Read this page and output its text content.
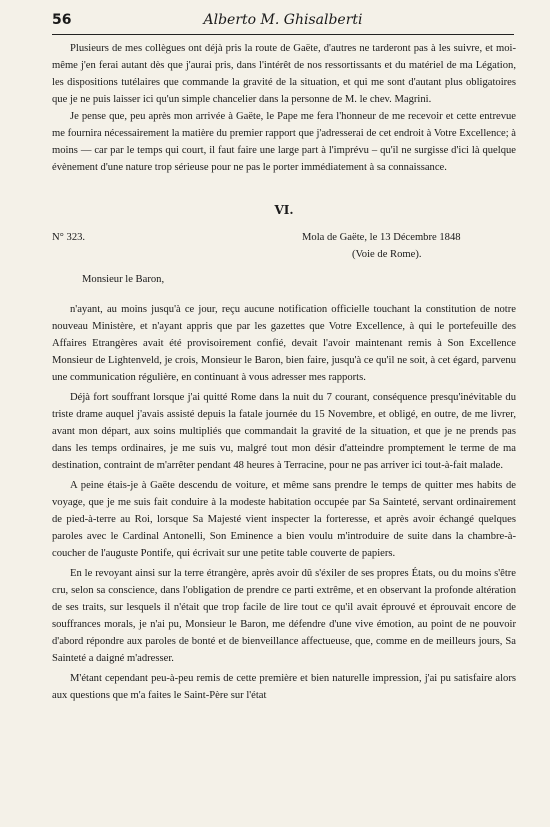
56	Alberto M. Ghisalberti

Plusieurs de mes collègues ont déjà pris la route de Gaëte, d'autres ne tarderont pas à les suivre, et moi-même j'en ferai autant dès que j'aurai pris, dans l'intérêt de nos ressortissants et du matériel de ma Légation, les dispositions tutélaires que commande la gravité de la situation, et qui me sont d'autant plus obligatoires que je ne puis laisser ici qu'un simple chancelier dans la personne de M. le chev. Magrini.

Je pense que, peu après mon arrivée à Gaëte, le Pape me fera l'honneur de me recevoir et cette entrevue me fournira nécessairement la matière du premier rapport que j'adresserai de cet endroit à Votre Excellence; à moins — car par le temps qui court, il faut faire une large part à l'imprévu – qu'il ne surgisse d'ici là quelque évènement d'une nature trop sérieuse pour ne pas le porter immédiatement à sa connaissance.

VI.

N° 323.	Mola de Gaëte, le 13 Décembre 1848
(Voie de Rome).

Monsieur le Baron,

n'ayant, au moins jusqu'à ce jour, reçu aucune notification officielle touchant la constitution de notre nouveau Ministère, et n'ayant appris que par les gazettes que Votre Excellence, à qui le portefeuille des Affaires Etrangères avait été provisoirement confié, devait l'avoir maintenant remis à Son Excellence Monsieur de Lightenveld, je crois, Monsieur le Baron, bien faire, jusqu'à ce qu'il ne soit, à cet égard, parvenu une communication régulière, en continuant à vous adresser mes rapports.

Déjà fort souffrant lorsque j'ai quitté Rome dans la nuit du 7 courant, conséquence presqu'inévitable du triste drame auquel j'avais assisté depuis la fatale journée du 15 Novembre, et obligé, en outre, de me livrer, avant mon départ, aux soins multipliés que commandait la gravité de la situation, et que je ne prends pas dans les temps ordinaires, je me suis vu, malgré tout mon désir d'atteindre promptement le terme de ma destination, contraint de m'arrêter pendant 48 heures à Terracine, pour ne pas arriver ici tout-à-fait malade.

A peine étais-je à Gaëte descendu de voiture, et même sans prendre le temps de quitter mes habits de voyage, que je me suis fait conduire à la modeste habitation occupée par Sa Sainteté, servant ordinairement de pied-à-terre au Roi, lorsque Sa Majesté vient inspecter la forteresse, et après avoir échangé quelques paroles avec le Cardinal Antonelli, Son Eminence a bien voulu m'introduire de suite dans la chambre-à-coucher de l'auguste Pontife, qui écrivait sur une petite table couverte de papiers.

En le revoyant ainsi sur la terre étrangère, après avoir dû s'éxiler de ses propres États, ou du moins s'être cru, selon sa conscience, dans l'obligation de prendre ce parti extrême, et en observant la profonde altération de ses traits, sur lesquels il n'était que trop facile de lire tout ce qu'il avait éprouvé et éprouvait encore de souffrances morals, je n'ai pu, Monsieur le Baron, me défendre d'une vive émotion, au point de ne pouvoir d'abord répondre aux paroles de bonté et de bienveillance affectueuse, que, comme en de meilleurs jours, Sa Sainteté a daigné m'adresser.

M'étant cependant peu-à-peu remis de cette première et bien naturelle impression, j'ai pu satisfaire alors aux questions que m'a faites le Saint-Père sur l'état
